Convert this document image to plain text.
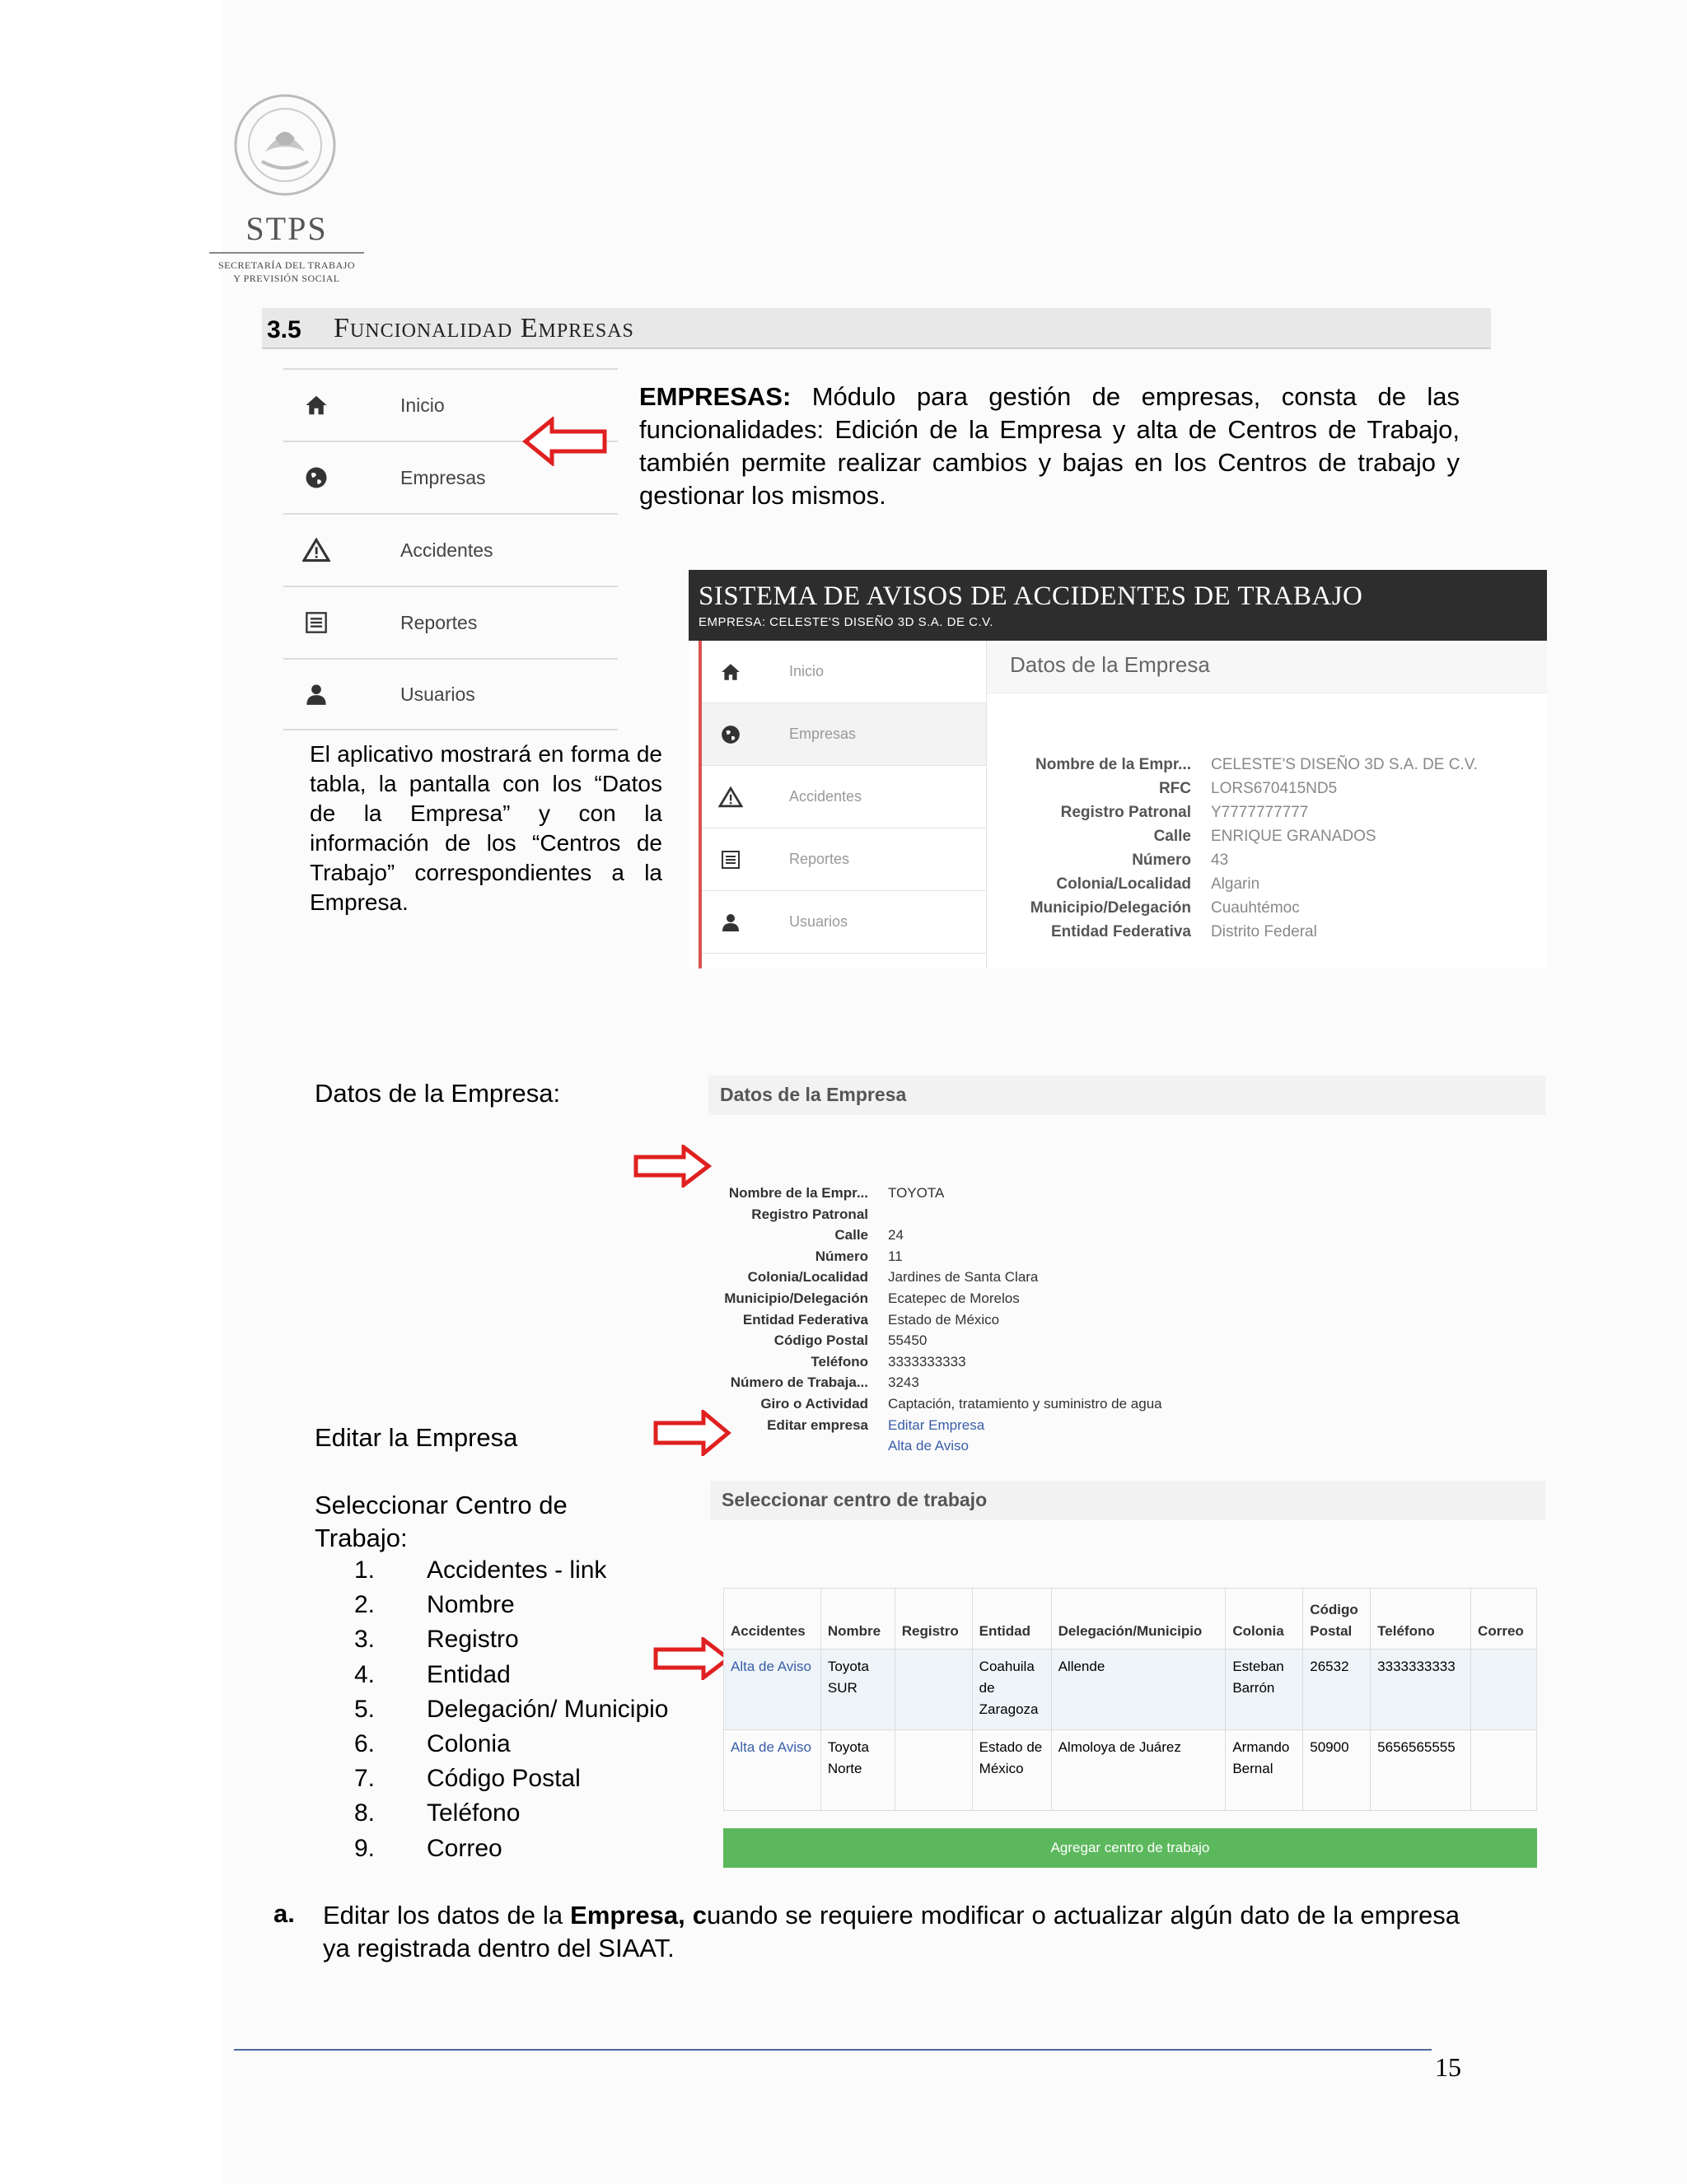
STPS
SECRETARÍA DEL TRABAJO
Y PREVISIÓN SOCIAL
3.5 Funcionalidad Empresas
Inicio
Empresas
Accidentes
Reportes
Usuarios

EMPRESAS: Módulo para gestión de empresas, consta de las funcionalidades: Edición de la Empresa y alta de Centros de Trabajo, también permite realizar cambios y bajas en los Centros de trabajo y gestionar los mismos.

El aplicativo mostrará en forma de tabla, la pantalla con los “Datos de la Empresa” y con la información de los “Centros de Trabajo” correspondientes a la Empresa.

SISTEMA DE AVISOS DE ACCIDENTES DE TRABAJO
EMPRESA: CELESTE'S DISEÑO 3D S.A. DE C.V.
Inicio
Empresas
Accidentes
Reportes
Usuarios
Datos de la Empresa
Nombre de la Empr...	CELESTE'S DISEÑO 3D S.A. DE C.V.
RFC	LORS670415ND5
Registro Patronal	Y7777777777
Calle	ENRIQUE GRANADOS
Número	43
Colonia/Localidad	Algarin
Municipio/Delegación	Cuauhtémoc
Entidad Federativa	Distrito Federal
Datos de la Empresa:	Datos de la Empresa
Nombre de la Empr...	TOYOTA
Registro Patronal
Calle	24
Número	11
Colonia/Localidad	Jardines de Santa Clara
Municipio/Delegación	Ecatepec de Morelos
Entidad Federativa	Estado de México
Código Postal	55450
Teléfono	3333333333
Número de Trabaja...	3243
Giro o Actividad	Captación, tratamiento y suministro de agua
Editar empresa	Editar Empresa
Alta de Aviso
Editar la Empresa
Seleccionar Centro de Trabajo:
Seleccionar centro de trabajo
1.	Accidentes - link
2.	Nombre
3.	Registro
4.	Entidad
5.	Delegación/ Municipio
6.	Colonia
7.	Código Postal
8.	Teléfono
9.	Correo
Accidentes	Nombre	Registro	Entidad	Delegación/Municipio	Colonia	Código Postal	Teléfono	Correo
Alta de Aviso	Toyota SUR		Coahuila de Zaragoza	Allende	Esteban Barrón	26532	3333333333	
Alta de Aviso	Toyota Norte		Estado de México	Almoloya de Juárez	Armando Bernal	50900	5656565555	
Agregar centro de trabajo
a. Editar los datos de la Empresa, cuando se requiere modificar o actualizar algún dato de la empresa ya registrada dentro del SIAAT.

15
